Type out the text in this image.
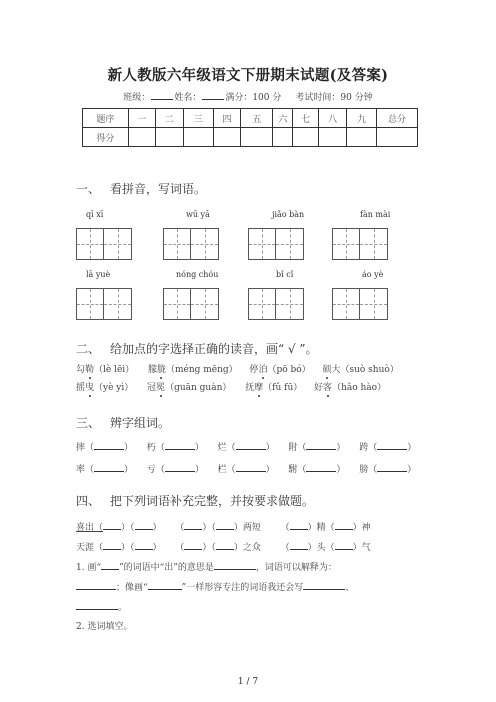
新人教版六年级语文下册期末试题(及答案)
班级：	姓名：	满分：100 分 考试时间：90 分钟
题序	一	二	三	四	五	六	七	八	九	总分
得分										
一、 看拼音，写词语。
qī xī	wū yā	jiǎo bàn	fàn mài
lā yuè	nóng chóu	bǐ cǐ	áo yè
二、 给加点的字选择正确的读音，画“ √ ”。
勾勒（lè lēi） 朦胧（méng mēng） 停泊（pō bó） 硕大（suò shuò）
摇曳（yè yì） 冠冕（guān guàn） 抚摩（fǔ fū） 好客（hǎo hào）
三、 辨字组词。
摔（	） 朽（	） 烂（	） 附（	） 跨（	）
率（	） 亏（	） 栏（	） 駙（	） 膀（	）
四、 把下列词语补充完整，并按要求做题。
喜出（ ）（ ） （ ）（ ）两短 （ ）精（ ）神
天涯（ ）（ ） （ ）（ ）之众 （ ）头（ ）气
1. 画“ ”的词语中“出”的意思是	，词语可以解释为：
；像画“	”一样形容专注的词语我还会写	、
。
2. 选词填空。
1 / 7
